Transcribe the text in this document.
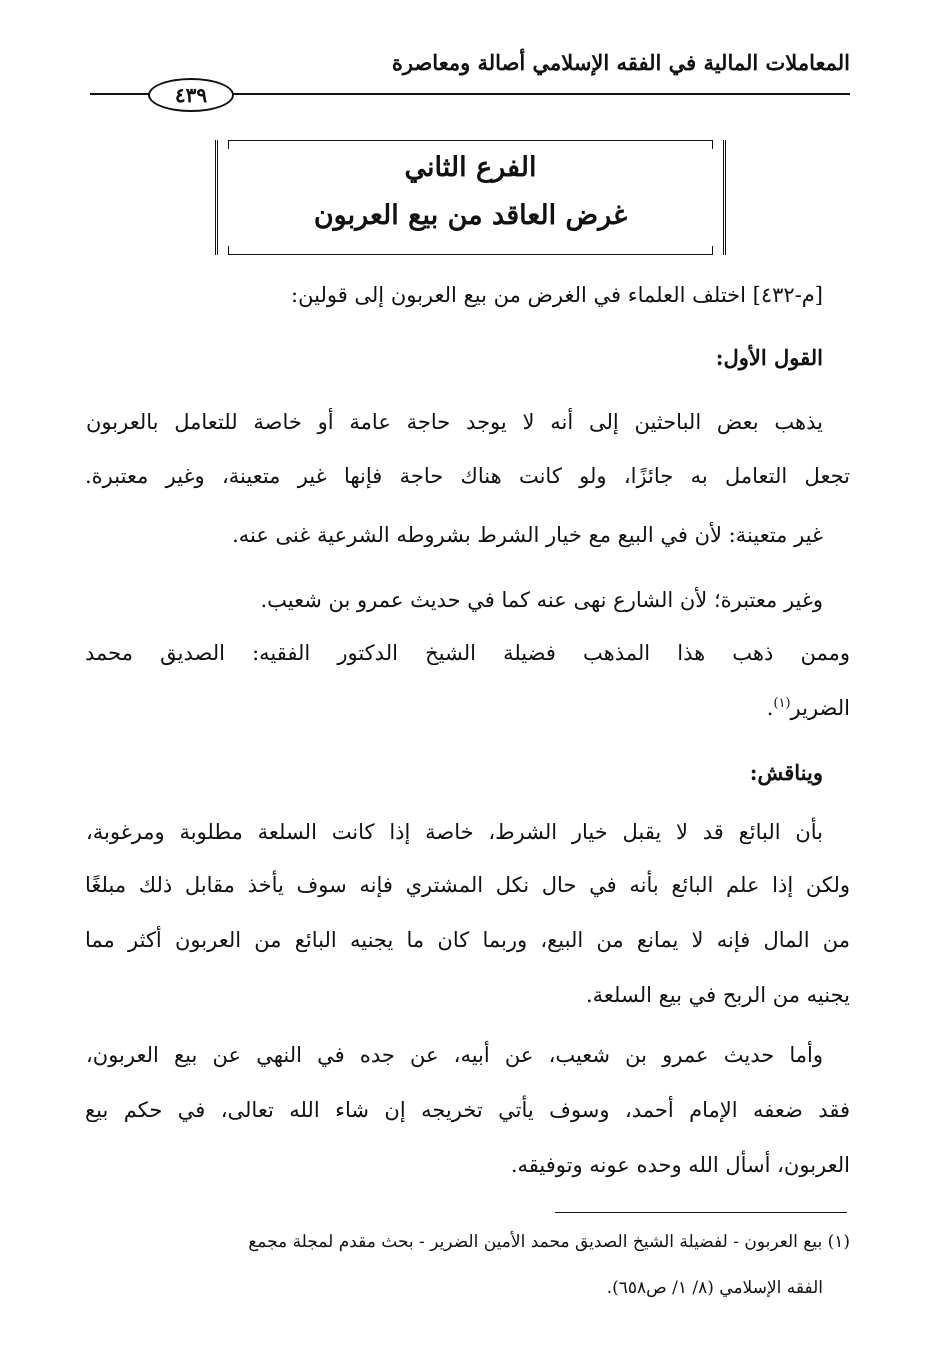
المعاملات المالية في الفقه الإسلامي أصالة ومعاصرة
٤٣٩
الفرع الثاني
غرض العاقد من بيع العربون
[م-٤٣٢] اختلف العلماء في الغرض من بيع العربون إلى قولين:
القول الأول:
يذهب بعض الباحثين إلى أنه لا يوجد حاجة عامة أو خاصة للتعامل بالعربون
تجعل التعامل به جائزًا، ولو كانت هناك حاجة فإنها غير متعينة، وغير معتبرة.
غير متعينة: لأن في البيع مع خيار الشرط بشروطه الشرعية غنى عنه.
وغير معتبرة؛ لأن الشارع نهى عنه كما في حديث عمرو بن شعيب.
وممن ذهب هذا المذهب فضيلة الشيخ الدكتور الفقيه: الصديق محمد
الضرير$^{(١)}$.
ويناقش:
بأن البائع قد لا يقبل خيار الشرط، خاصة إذا كانت السلعة مطلوبة ومرغوبة،
ولكن إذا علم البائع بأنه في حال نكل المشتري فإنه سوف يأخذ مقابل ذلك مبلغًا
من المال فإنه لا يمانع من البيع، وربما كان ما يجنيه البائع من العربون أكثر مما
يجنيه من الربح في بيع السلعة.
وأما حديث عمرو بن شعيب، عن أبيه، عن جده في النهي عن بيع العربون،
فقد ضعفه الإمام أحمد، وسوف يأتي تخريجه إن شاء الله تعالى، في حكم بيع
العربون، أسأل الله وحده عونه وتوفيقه.
(١) بيع العربون - لفضيلة الشيخ الصديق محمد الأمين الضرير - بحث مقدم لمجلة مجمع
الفقه الإسلامي (٨/ ١/ ص٦٥٨).
